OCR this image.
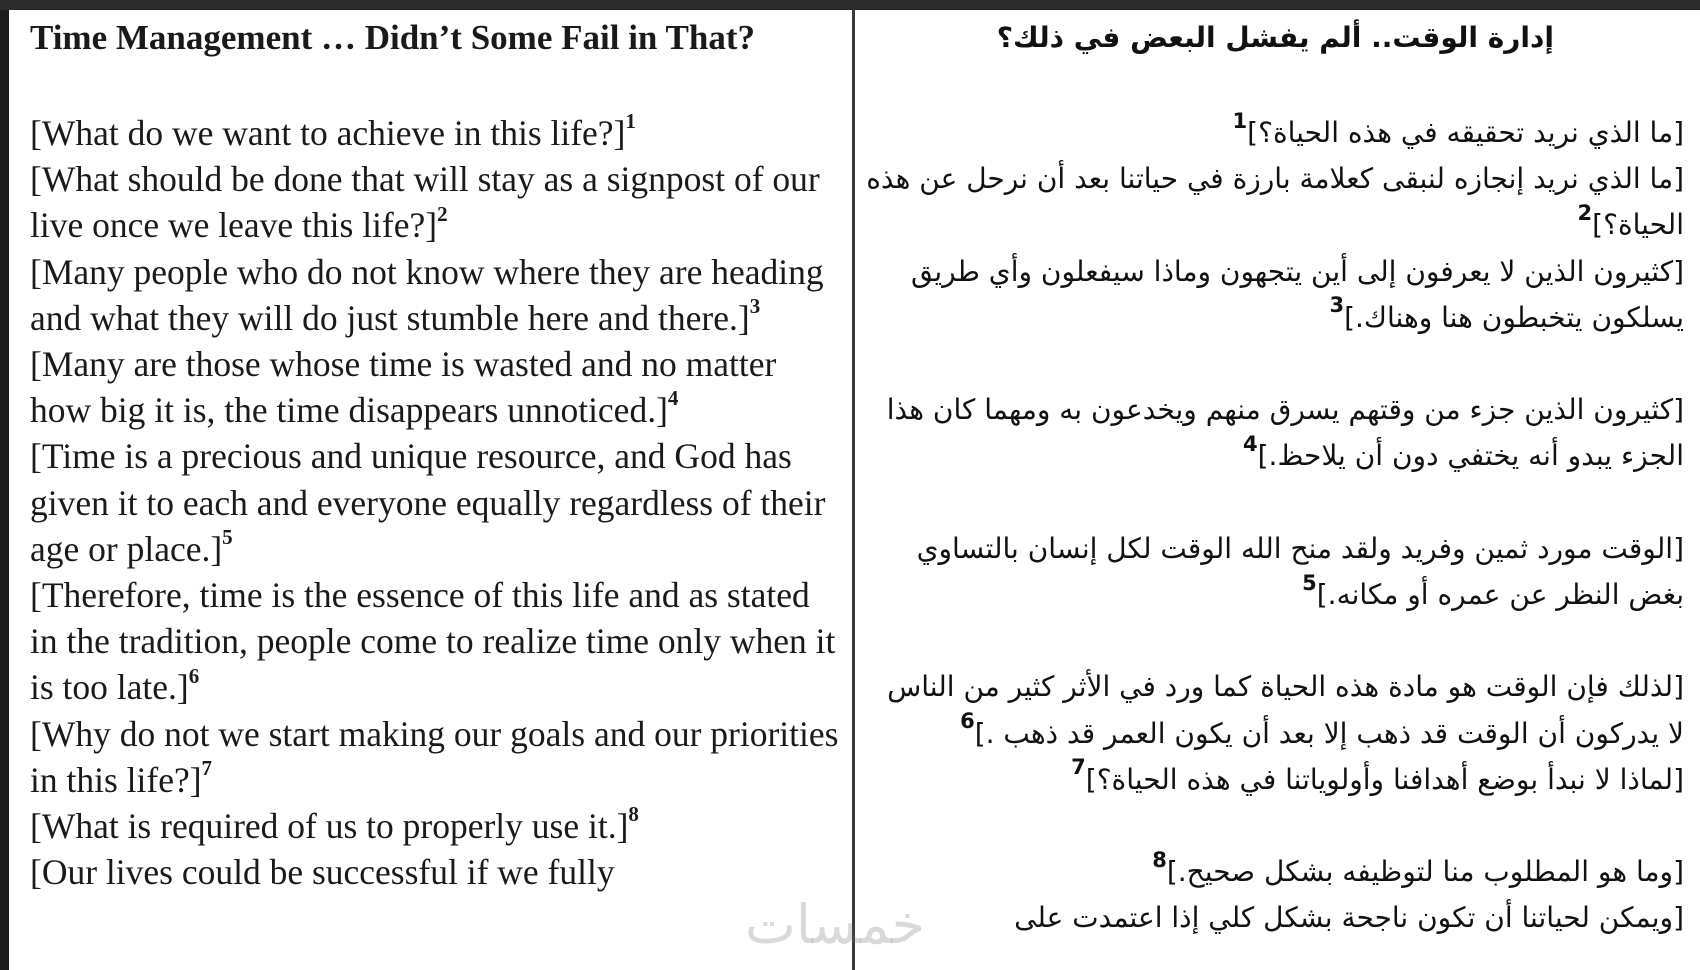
Time Management … Didn’t Some Fail in That?

[What do we want to achieve in this life?]$^1$

[What should be done that will stay as a signpost of our live once we leave this life?]$^2$

[Many people who do not know where they are heading and what they will do just stumble here and there.]$^3$

[Many are those whose time is wasted and no matter how big it is, the time disappears unnoticed.]$^4$

[Time is a precious and unique resource, and God has given it to each and everyone equally regardless of their age or place.]$^5$

[Therefore, time is the essence of this life and as stated in the tradition, people come to realize time only when it is too late.]$^6$

[Why do not we start making our goals and our priorities in this life?]$^7$

[What is required of us to properly use it.]$^8$

[Our lives could be successful if we fully

إدارة الوقت.. ألم يفشل البعض في ذلك؟

[ما الذي نريد تحقيقه في هذه الحياة؟]$^1$

[ما الذي نريد إنجازه لنبقى كعلامة بارزة في حياتنا بعد أن نرحل عن هذه الحياة؟]$^2$

[كثيرون الذين لا يعرفون إلى أين يتجهون وماذا سيفعلون وأي طريق يسلكون يتخبطون هنا وهناك.]$^3$

[كثيرون الذين جزء من وقتهم يسرق منهم ويخدعون به ومهما كان هذا الجزء يبدو أنه يختفي دون أن يلاحظ.]$^4$

[الوقت مورد ثمين وفريد ولقد منح الله الوقت لكل إنسان بالتساوي بغض النظر عن عمره أو مكانه.]$^5$

[لذلك فإن الوقت هو مادة هذه الحياة كما ورد في الأثر كثير من الناس لا يدركون أن الوقت قد ذهب إلا بعد أن يكون العمر قد ذهب .]$^6$

[لماذا لا نبدأ بوضع أهدافنا وأولوياتنا في هذه الحياة؟]$^7$

[وما هو المطلوب منا لتوظيفه بشكل صحيح.]$^8$

[ويمكن لحياتنا أن تكون ناجحة بشكل كلي إذا اعتمدت على

خمسات
